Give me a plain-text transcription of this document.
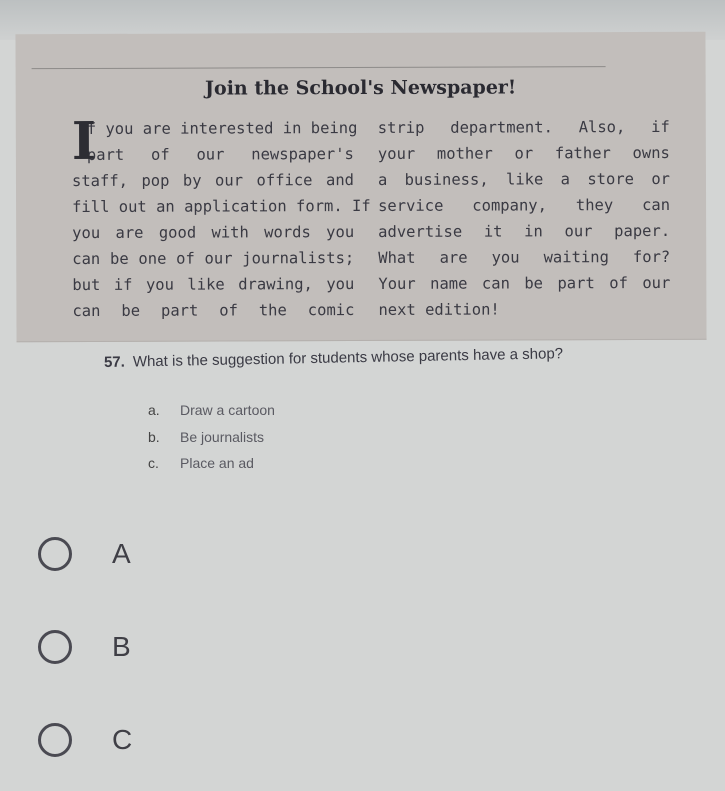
Join the School's Newspaper!
I
f you are interested in being
part of our newspaper's
staff, pop by our office and
fill out an application form. If
you are good with words you
can be one of our journalists;
but if you like drawing, you
can be part of the comic
strip department. Also, if
your mother or father owns
a business, like a store or
service company, they can
advertise it in our paper.
What are you waiting for?
Your name can be part of our
next edition!
57. What is the suggestion for students whose parents have a shop?
a. Draw a cartoon
b. Be journalists
c. Place an ad
A
B
C
